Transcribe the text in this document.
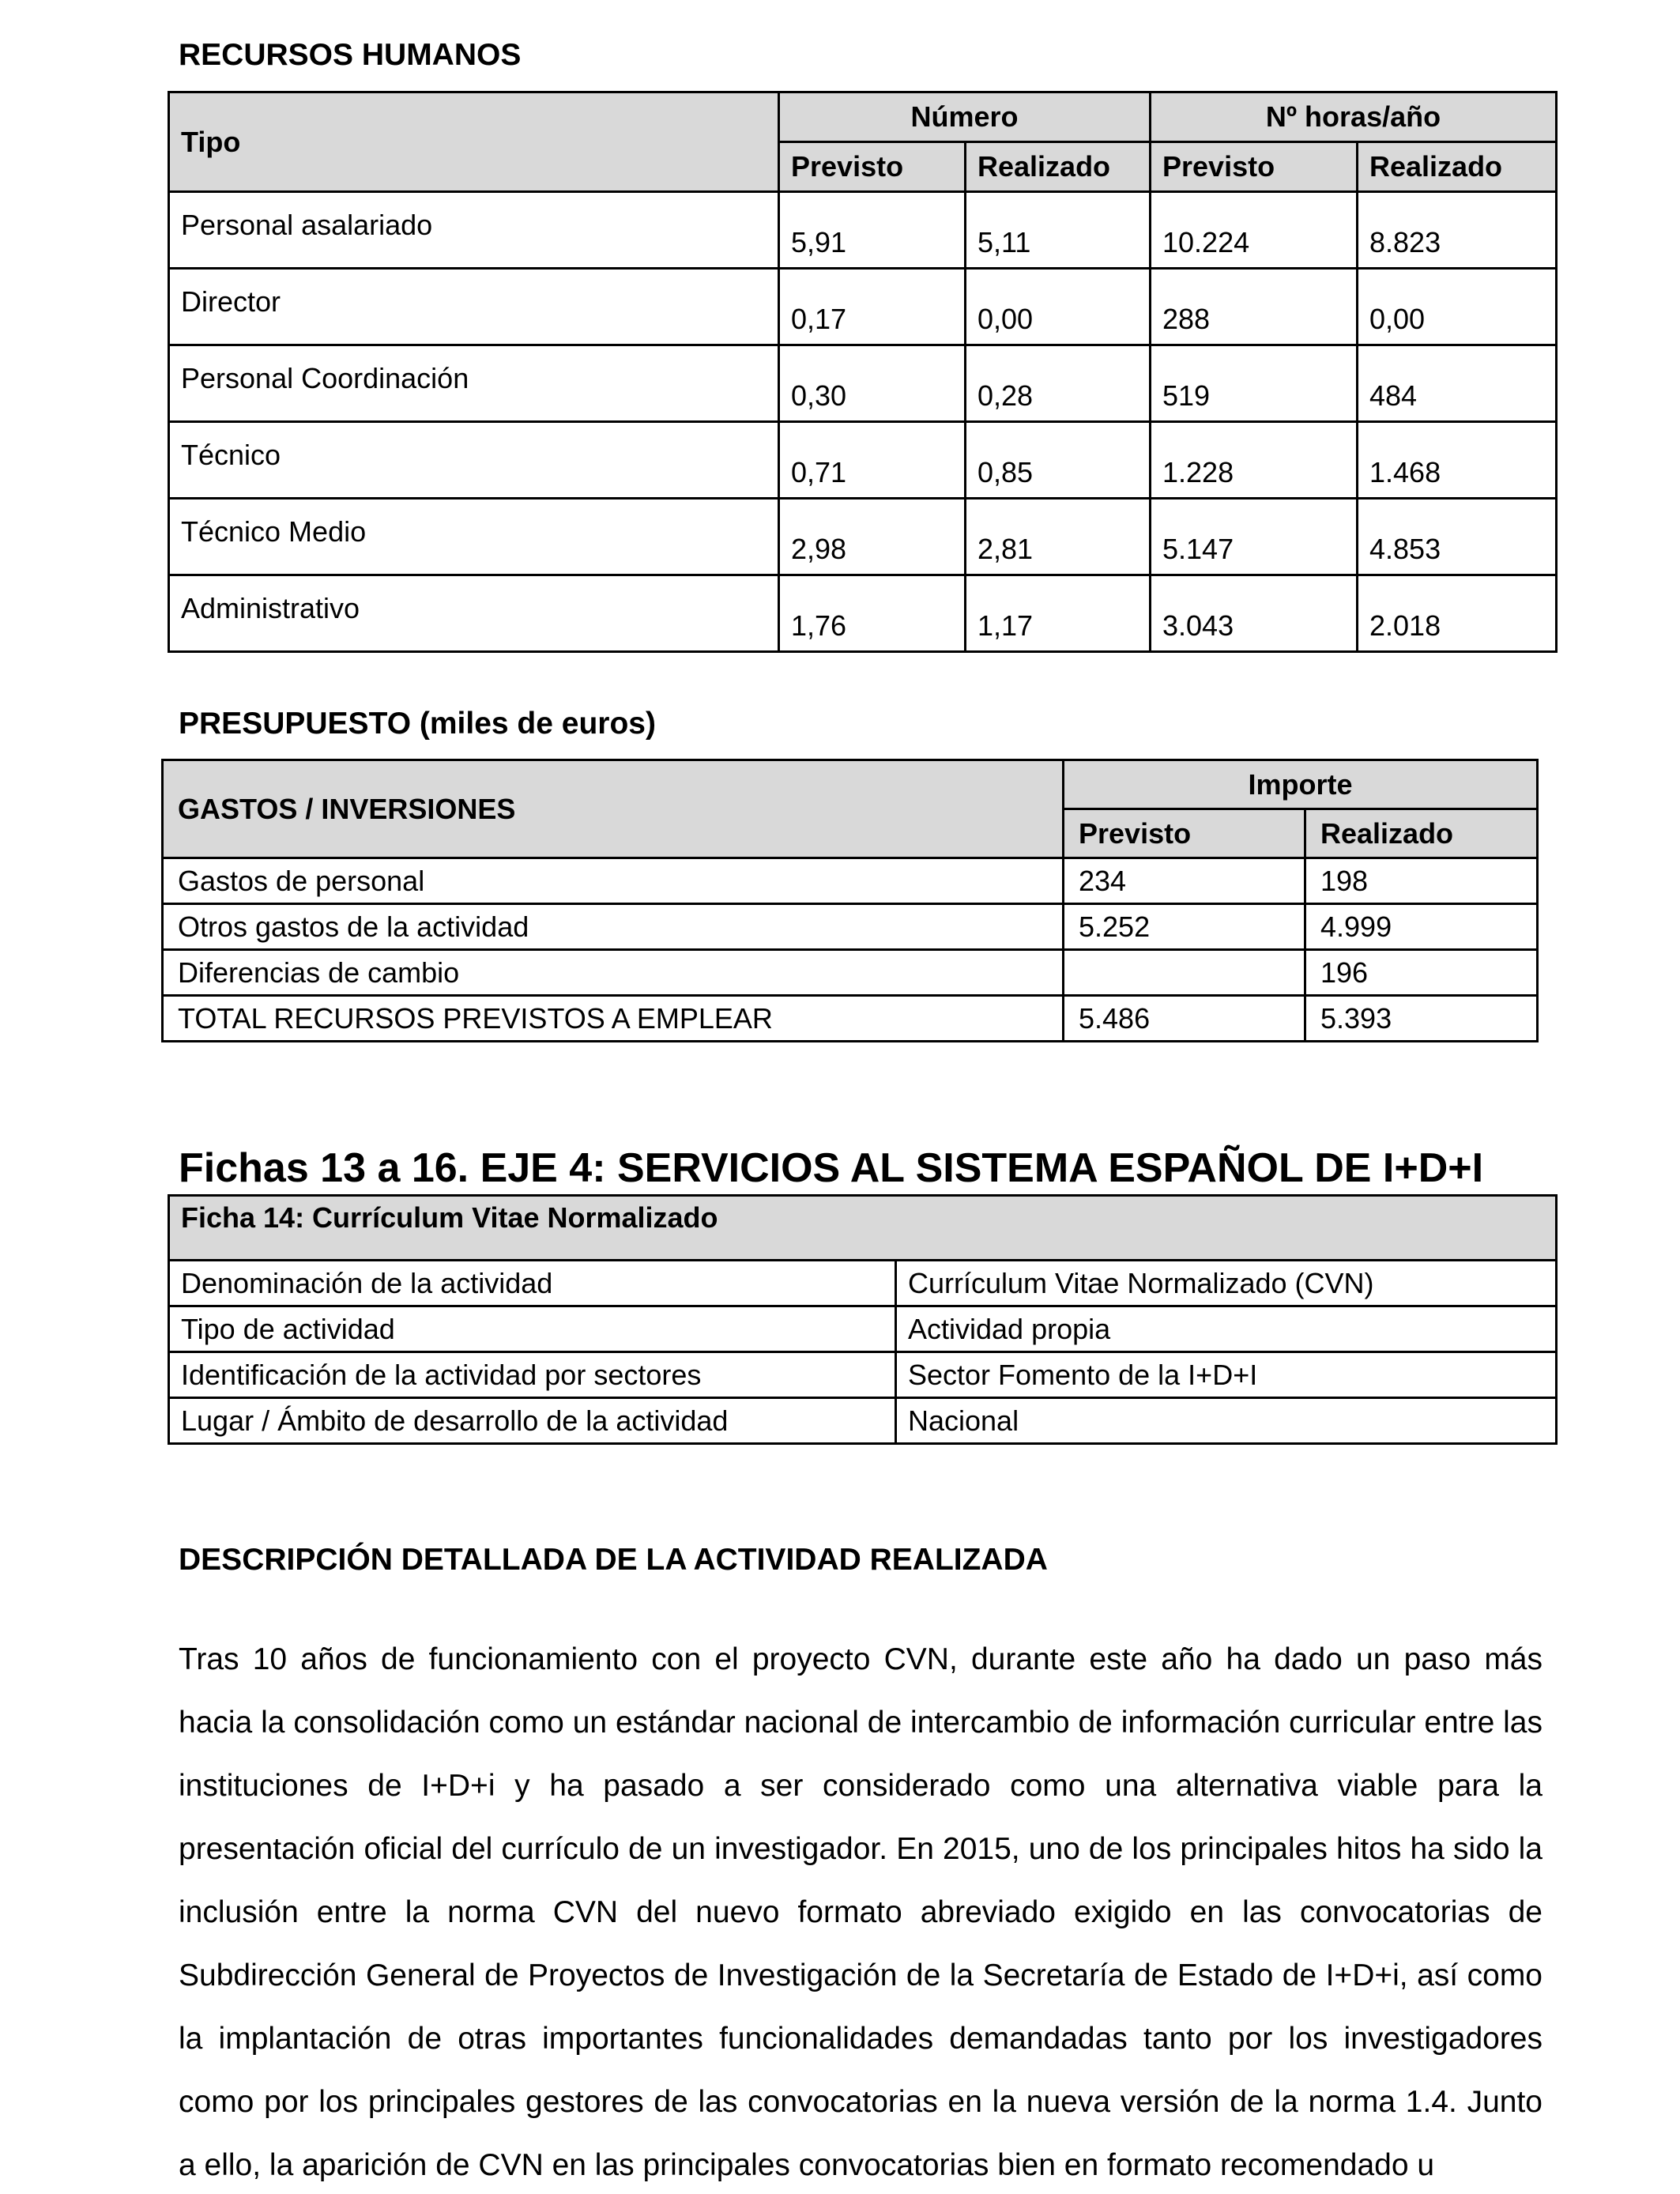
RECURSOS HUMANOS
Tipo	Número		Nº horas/año	
	Previsto	Realizado	Previsto	Realizado
Personal asalariado	5,91	5,11	10.224	8.823
Director	0,17	0,00	288	0,00
Personal Coordinación	0,30	0,28	519	484
Técnico	0,71	0,85	1.228	1.468
Técnico Medio	2,98	2,81	5.147	4.853
Administrativo	1,76	1,17	3.043	2.018
PRESUPUESTO (miles de euros)
GASTOS / INVERSIONES	Importe	
	Previsto	Realizado
Gastos de personal	234	198
Otros gastos de la actividad	5.252	4.999
Diferencias de cambio		196
TOTAL RECURSOS PREVISTOS A EMPLEAR	5.486	5.393
Fichas 13 a 16. EJE 4: SERVICIOS AL SISTEMA ESPAÑOL DE I+D+I
Ficha 14: Currículum Vitae Normalizado	
Denominación de la actividad	Currículum Vitae Normalizado (CVN)
Tipo de actividad	Actividad propia
Identificación de la actividad por sectores	Sector Fomento de la I+D+I
Lugar / Ámbito de desarrollo de la actividad	Nacional
DESCRIPCIÓN DETALLADA DE LA ACTIVIDAD REALIZADA

Tras 10 años de funcionamiento con el proyecto CVN, durante este año ha dado un paso más hacia la consolidación como un estándar nacional de intercambio de información curricular entre las instituciones de I+D+i y ha pasado a ser considerado como una alternativa viable para la presentación oficial del currículo de un investigador. En 2015, uno de los principales hitos ha sido la inclusión entre la norma CVN del nuevo formato abreviado exigido en las convocatorias de Subdirección General de Proyectos de Investigación de la Secretaría de Estado de I+D+i, así como la implantación de otras importantes funcionalidades demandadas tanto por los investigadores como por los principales gestores de las convocatorias en la nueva versión de la norma 1.4. Junto a ello, la aparición de CVN en las principales convocatorias bien en formato recomendado u
